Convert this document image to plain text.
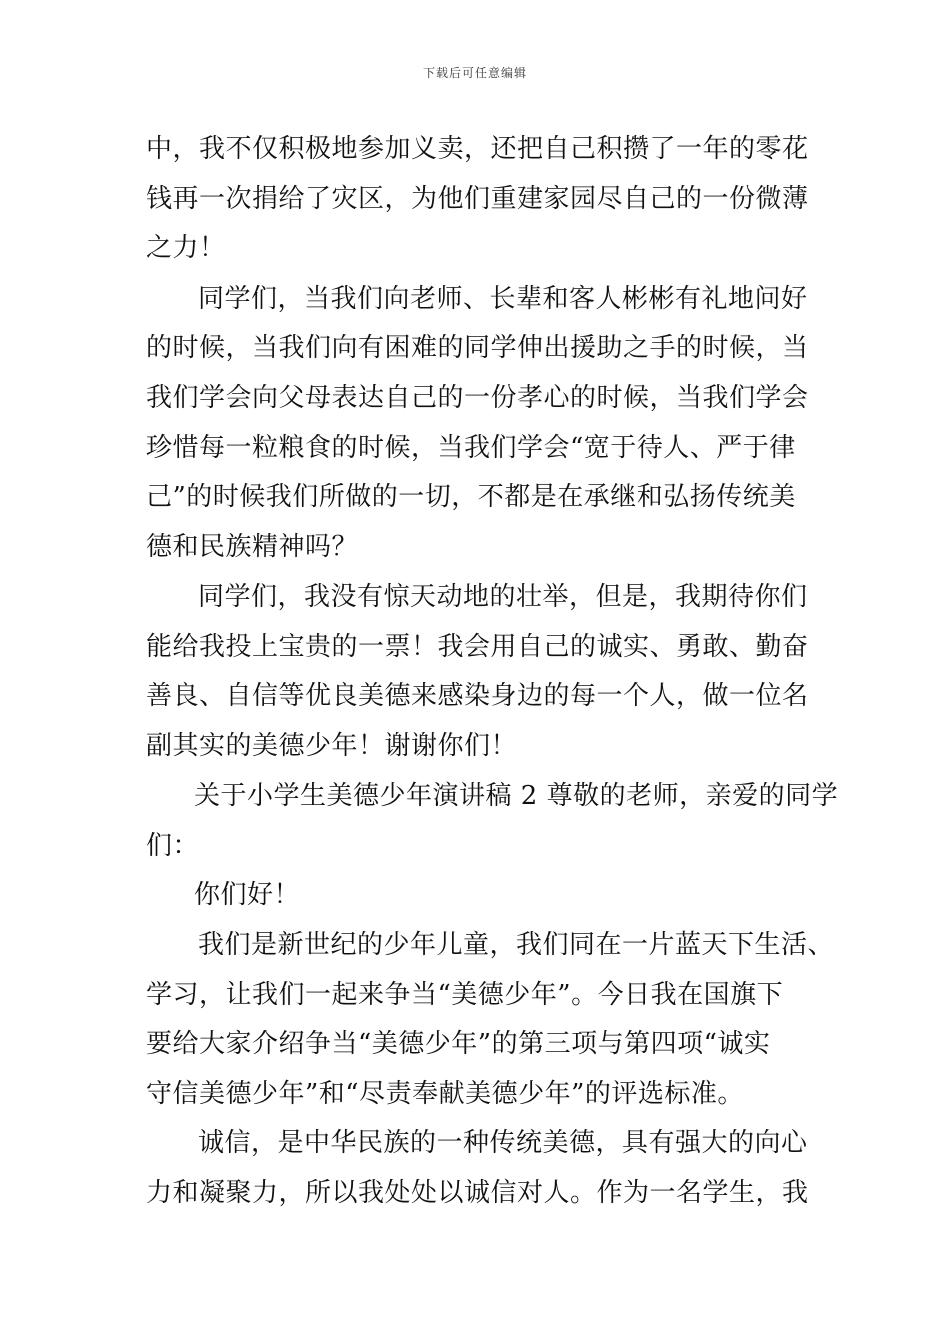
下载后可任意编辑
中，我不仅积极地参加义卖，还把自己积攒了一年的零花
钱再一次捐给了灾区，为他们重建家园尽自己的一份微薄
之力！
同学们，当我们向老师、长辈和客人彬彬有礼地问好
的时候，当我们向有困难的同学伸出援助之手的时候，当
我们学会向父母表达自己的一份孝心的时候，当我们学会
珍惜每一粒粮食的时候，当我们学会“宽于待人、严于律
己”的时候我们所做的一切，不都是在承继和弘扬传统美
德和民族精神吗？
同学们，我没有惊天动地的壮举，但是，我期待你们
能给我投上宝贵的一票！我会用自己的诚实、勇敢、勤奋
善良、自信等优良美德来感染身边的每一个人，做一位名
副其实的美德少年！谢谢你们！
关于小学生美德少年演讲稿 2 尊敬的老师，亲爱的同学
们：
你们好！
我们是新世纪的少年儿童，我们同在一片蓝天下生活、
学习，让我们一起来争当“美德少年”。今日我在国旗下
要给大家介绍争当“美德少年”的第三项与第四项“诚实
守信美德少年”和“尽责奉献美德少年”的评选标准。
诚信，是中华民族的一种传统美德，具有强大的向心
力和凝聚力，所以我处处以诚信对人。作为一名学生，我
